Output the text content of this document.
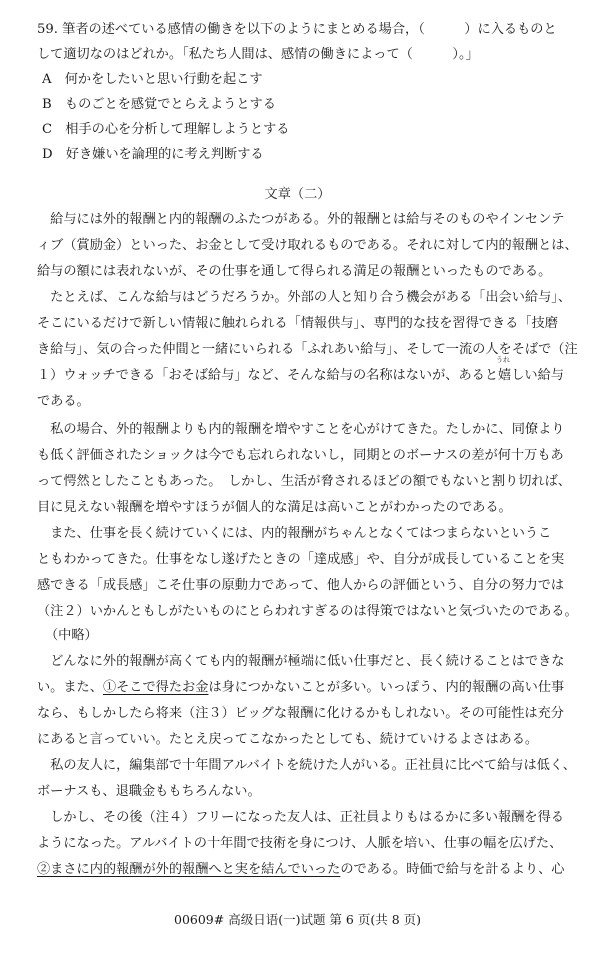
59. 筆者の述べている感情の働きを以下のようにまとめる場合，（　　　）に入るものと
して適切なのはどれか。「私たち人間は、感情の働きによって（　　　）。」
A　何かをしたいと思い行動を起こす
B　ものごとを感覚でとらえようとする
C　相手の心を分析して理解しようとする
D　好き嫌いを論理的に考え判断する
文章（二）
　給与には外的報酬と内的報酬のふたつがある。外的報酬とは給与そのものやインセンテ
ィブ（賞励金）といった、お金として受け取れるものである。それに対して内的報酬とは、
給与の額には表れないが、その仕事を通して得られる満足の報酬といったものである。
　たとえば、こんな給与はどうだろうか。外部の人と知り合う機会がある「出会い給与」、
そこにいるだけで新しい情報に触れられる「情報供与」、専門的な技を習得できる「技磨
き給与」、気の合った仲間と一緒にいられる「ふれあい給与」、そして一流の人をそばで（注
１）ウォッチできる「おそば給与」など、そんな給与の名称はないが、あると嬉しい給与
うれ
である。
　私の場合、外的報酬よりも内的報酬を増やすことを心がけてきた。たしかに、同僚より
も低く評価されたショックは今でも忘れられないし，同期とのボーナスの差が何十万もあ
って愕然としたこともあった。　しかし、生活が脅されるほどの額でもないと割り切れば、
目に見えない報酬を増やすほうが個人的な満足は高いことがわかったのである。
　また、仕事を長く続けていくには、内的報酬がちゃんとなくてはつまらないというこ
ともわかってきた。仕事をなし遂げたときの「達成感」や、自分が成長していることを実
感できる「成長感」こそ仕事の原動力であって、他人からの評価という、自分の努力では
（注２）いかんともしがたいものにとらわれすぎるのは得策ではないと気づいたのである。
（中略）
　どんなに外的報酬が高くても内的報酬が極端に低い仕事だと、長く続けることはできな
い。また、①そこで得たお金は身につかないことが多い。いっぽう、内的報酬の高い仕事
なら、もしかしたら将来（注３）ビッグな報酬に化けるかもしれない。その可能性は充分
にあると言っていい。たとえ戻ってこなかったとしても、続けていけるよさはある。
　私の友人に，編集部で十年間アルバイトを続けた人がいる。正社員に比べて給与は低く、
ボーナスも、退職金ももちろんない。
　しかし、その後（注４）フリーになった友人は、正社員よりもはるかに多い報酬を得る
ようになった。アルバイトの十年間で技術を身につけ、人脈を培い、仕事の幅を広げた、
②まさに内的報酬が外的報酬へと実を結んでいったのである。時価で給与を計るより、心
00609# 高级日语(一)试题 第 6 页(共 8 页)
